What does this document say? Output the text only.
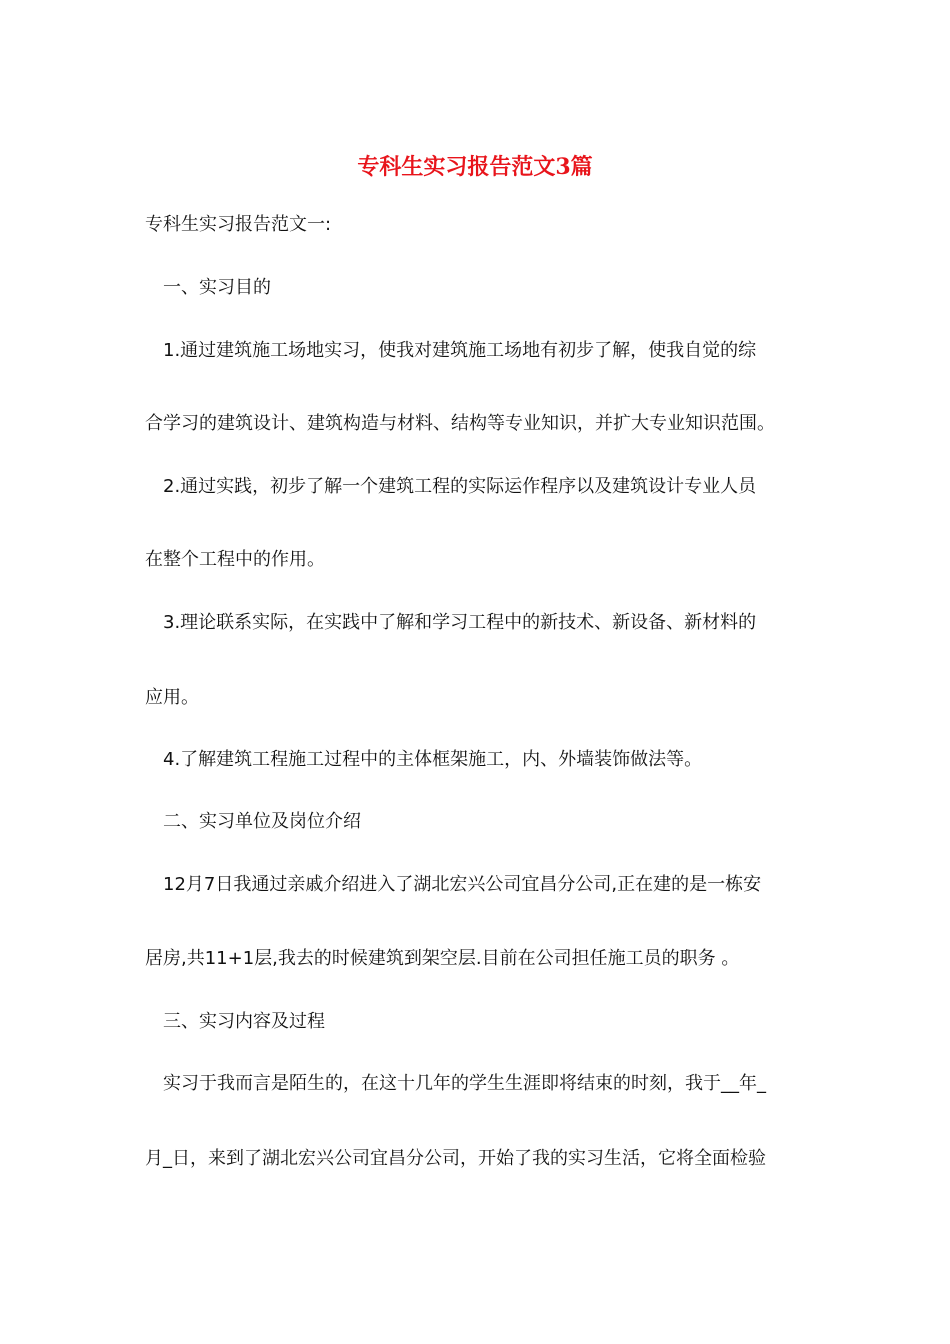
专科生实习报告范文3篇

专科生实习报告范文一:

一、实习目的

1.通过建筑施工场地实习，使我对建筑施工场地有初步了解，使我自觉的综

合学习的建筑设计、建筑构造与材料、结构等专业知识，并扩大专业知识范围。

2.通过实践，初步了解一个建筑工程的实际运作程序以及建筑设计专业人员

在整个工程中的作用。

3.理论联系实际，在实践中了解和学习工程中的新技术、新设备、新材料的

应用。

4.了解建筑工程施工过程中的主体框架施工，内、外墙装饰做法等。

二、实习单位及岗位介绍

12月7日我通过亲戚介绍进入了湖北宏兴公司宜昌分公司,正在建的是一栋安

居房,共11+1层,我去的时候建筑到架空层.目前在公司担任施工员的职务 。

三、实习内容及过程

实习于我而言是陌生的，在这十几年的学生生涯即将结束的时刻，我于__年_

月_日，来到了湖北宏兴公司宜昌分公司，开始了我的实习生活，它将全面检验
